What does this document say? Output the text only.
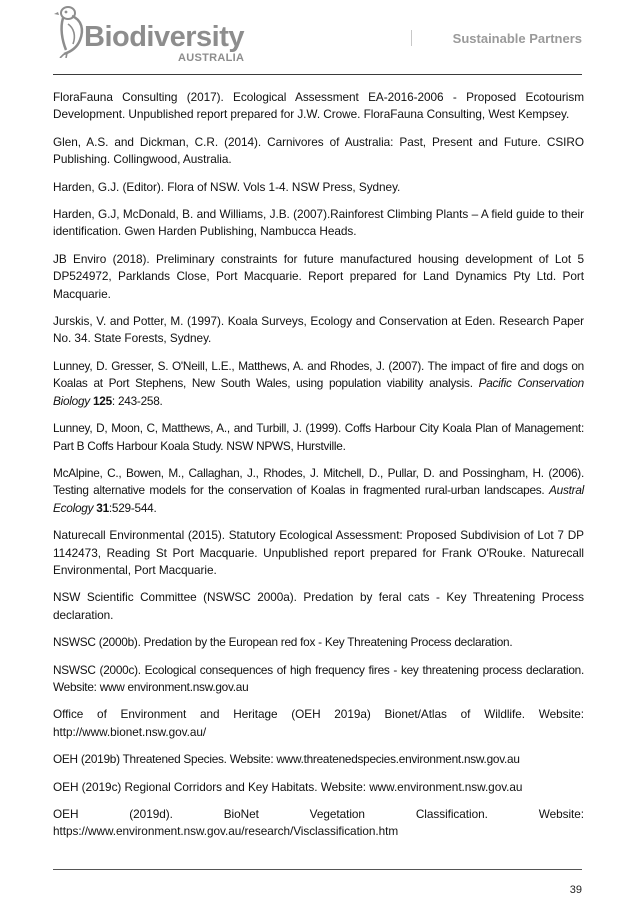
Biodiversity
AUSTRALIA
Sustainable Partners

FloraFauna Consulting (2017). Ecological Assessment EA-2016-2006 - Proposed Ecotourism Development. Unpublished report prepared for J.W. Crowe. FloraFauna Consulting, West Kempsey.

Glen, A.S. and Dickman, C.R. (2014). Carnivores of Australia: Past, Present and Future. CSIRO Publishing. Collingwood, Australia.

Harden, G.J. (Editor). Flora of NSW. Vols 1-4. NSW Press, Sydney.

Harden, G.J, McDonald, B. and Williams, J.B. (2007).Rainforest Climbing Plants – A field guide to their identification. Gwen Harden Publishing, Nambucca Heads.

JB Enviro (2018). Preliminary constraints for future manufactured housing development of Lot 5 DP524972, Parklands Close, Port Macquarie. Report prepared for Land Dynamics Pty Ltd. Port Macquarie.

Jurskis, V. and Potter, M. (1997). Koala Surveys, Ecology and Conservation at Eden. Research Paper No. 34. State Forests, Sydney.

Lunney, D. Gresser, S. O'Neill, L.E., Matthews, A. and Rhodes, J. (2007). The impact of fire and dogs on Koalas at Port Stephens, New South Wales, using population viability analysis. Pacific Conservation Biology 125: 243-258.

Lunney, D, Moon, C, Matthews, A., and Turbill, J. (1999). Coffs Harbour City Koala Plan of Management: Part B Coffs Harbour Koala Study. NSW NPWS, Hurstville.

McAlpine, C., Bowen, M., Callaghan, J., Rhodes, J. Mitchell, D., Pullar, D. and Possingham, H. (2006). Testing alternative models for the conservation of Koalas in fragmented rural-urban landscapes. Austral Ecology 31:529-544.

Naturecall Environmental (2015). Statutory Ecological Assessment: Proposed Subdivision of Lot 7 DP 1142473, Reading St Port Macquarie. Unpublished report prepared for Frank O'Rouke. Naturecall Environmental, Port Macquarie.

NSW Scientific Committee (NSWSC 2000a). Predation by feral cats - Key Threatening Process declaration.

NSWSC (2000b). Predation by the European red fox - Key Threatening Process declaration.

NSWSC (2000c). Ecological consequences of high frequency fires - key threatening process declaration. Website: www environment.nsw.gov.au

Office of Environment and Heritage (OEH 2019a) Bionet/Atlas of Wildlife. Website: http://www.bionet.nsw.gov.au/

OEH (2019b) Threatened Species. Website: www.threatenedspecies.environment.nsw.gov.au

OEH (2019c) Regional Corridors and Key Habitats. Website: www.environment.nsw.gov.au

OEH (2019d). BioNet Vegetation Classification. Website:
https://www.environment.nsw.gov.au/research/Visclassification.htm

39
